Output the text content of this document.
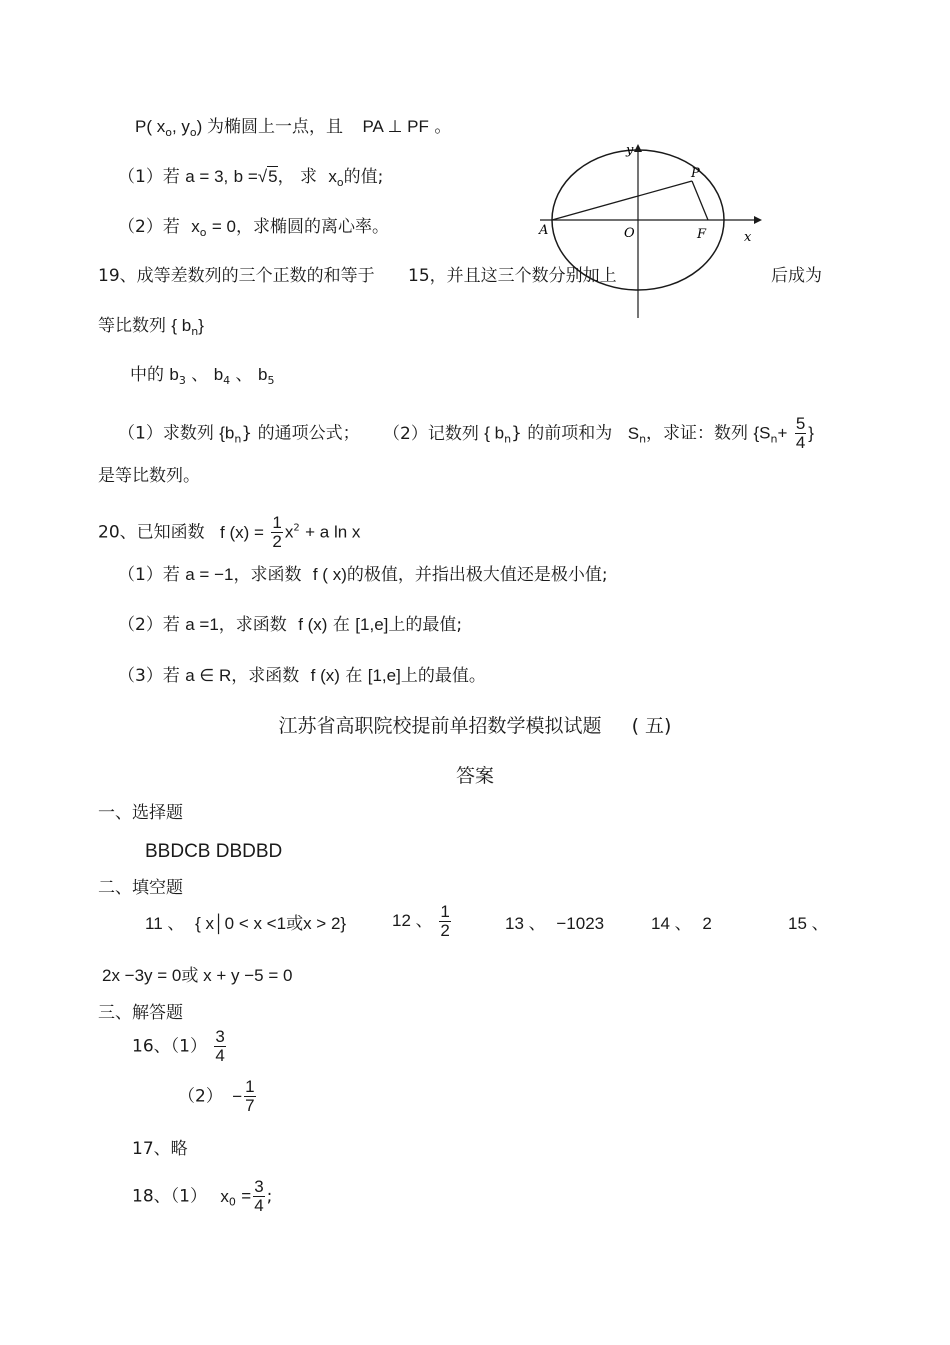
P( $x_o$, $y_o$) 为椭圆上一点，且 PA ⊥ PF 。
（1）若 a = 3, b =√5， 求 $x_o$的值;
（2）若 $x_o = 0$，求椭圆的离心率。
y
P
A	O	F	x
19、成等差数列的三个正数的和等于 15，并且这三个数分别加上	后成为
等比数列 { $b_n$}
中的 $b_3$ 、 $b_4$ 、 $b_5$
（1）求数列 $\{b_n\}$ 的通项公式； （2）记数列 { $b_n$} 的前项和为 $S_n$，求证：数列 {$S_n+ \frac{5}{4}$ }
是等比数列。
20、已知函数 f $(x) = \frac{1}{2} x^2 + a$ ln x
（1）若 a = −1，求函数 f ( x)的极值，并指出极大值还是极小值;
（2）若 a =1，求函数 f (x) 在 [1,e]上的最值;
（3）若 a ∈ R，求函数 f (x) 在 [1,e]上的最值。
江苏省高职院校提前单招数学模拟试题 ( 五)
答案
一、选择题
BBDCB DBDBD
二、填空题
11 、 { x│0 < x <1或x > 2}	12 、 $\frac{1}{2}$	13 、 −1023	14 、 2	15 、
2x −3y = 0或 x + y −5 = 0
三、解答题
16、$(1) \frac{3}{4}$
$(2) - \frac{1}{7}$
17、略
18、（1） $x_0 = \frac{3}{4}$ ;
